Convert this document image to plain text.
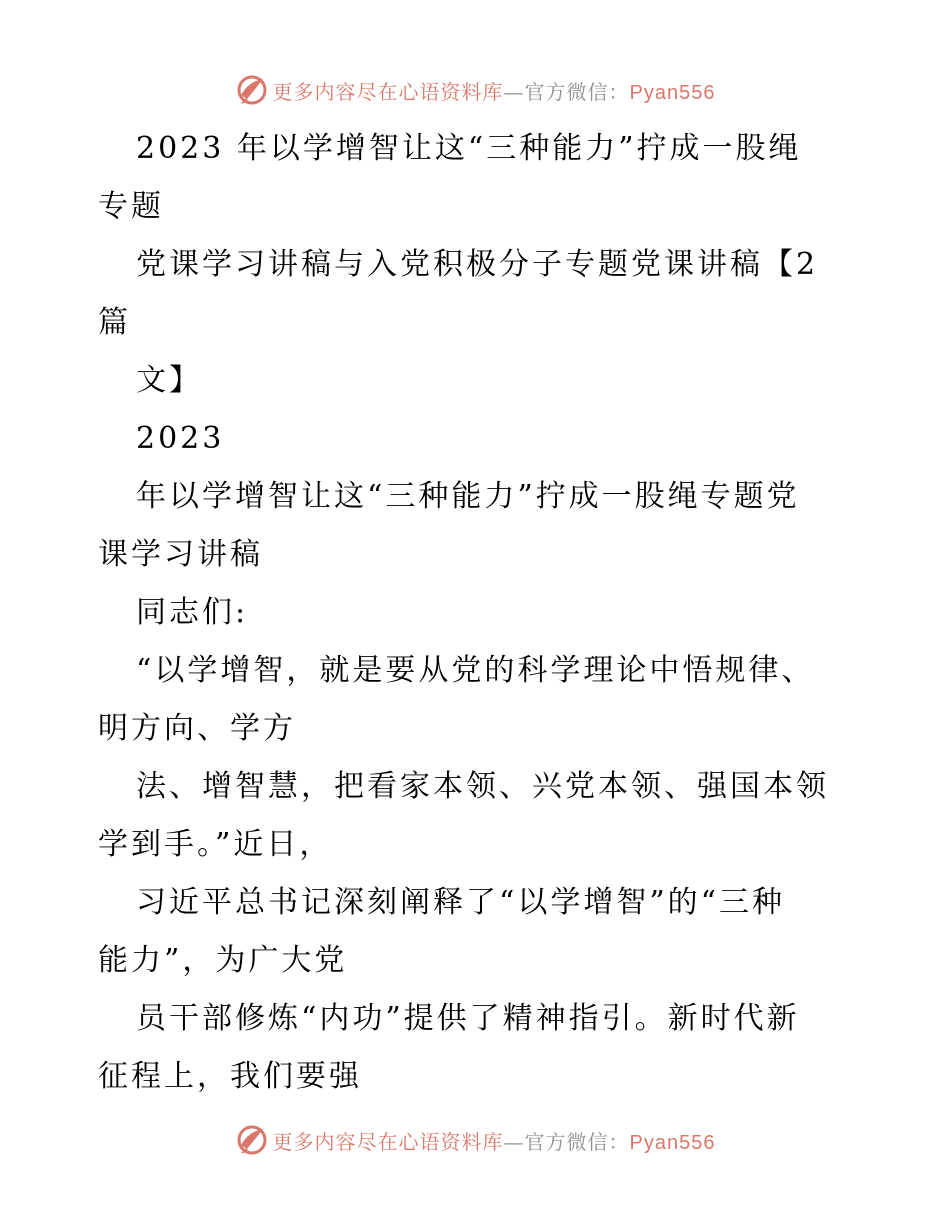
更多内容尽在心语资料库—官方微信：Pyan556
2023 年以学增智让这“三种能力”拧成一股绳
专题
党课学习讲稿与入党积极分子专题党课讲稿【2
篇
文】
2023
年以学增智让这“三种能力”拧成一股绳专题党
课学习讲稿
同志们:
“以学增智，就是要从党的科学理论中悟规律、
明方向、学方
法、增智慧，把看家本领、兴党本领、强国本领
学到手。”近日，
习近平总书记深刻阐释了“以学增智”的“三种
能力”，为广大党
员干部修炼“内功”提供了精神指引。新时代新
征程上，我们要强
更多内容尽在心语资料库—官方微信：Pyan556
